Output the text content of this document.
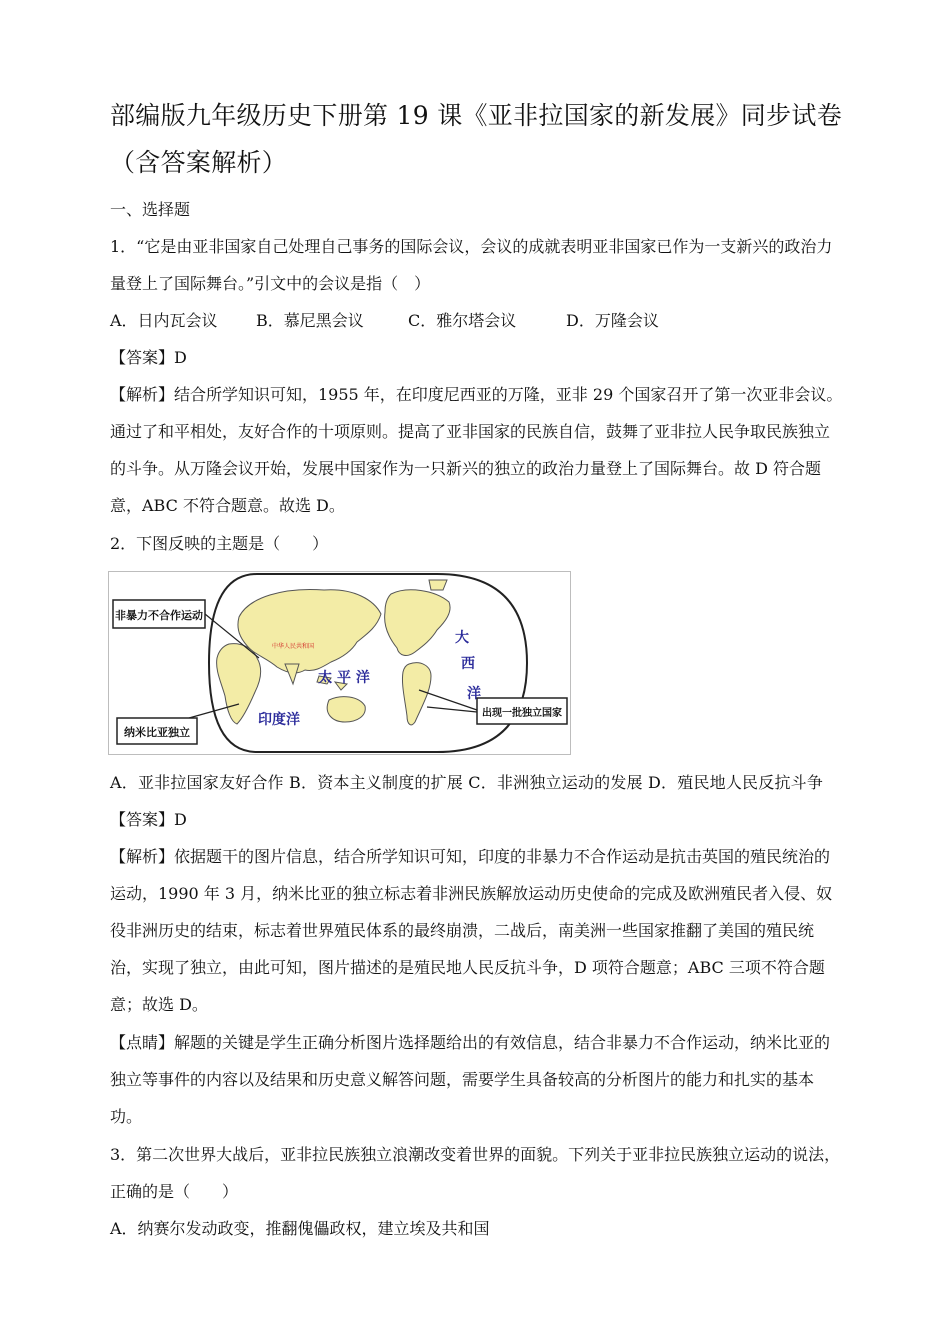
部编版九年级历史下册第 19 课《亚非拉国家的新发展》同步试卷（含答案解析）
一、选择题
1．“它是由亚非国家自己处理自己事务的国际会议，会议的成就表明亚非国家已作为一支新兴的政治力量登上了国际舞台。”引文中的会议是指（　）
A．日内瓦会议 B．慕尼黑会议	C．雅尔塔会议	D．万隆会议
【答案】D
【解析】结合所学知识可知，1955 年，在印度尼西亚的万隆，亚非 29 个国家召开了第一次亚非会议。通过了和平相处，友好合作的十项原则。提高了亚非国家的民族自信，鼓舞了亚非拉人民争取民族独立的斗争。从万隆会议开始，发展中国家作为一只新兴的独立的政治力量登上了国际舞台。故 D 符合题意，ABC 不符合题意。故选 D。
2．下图反映的主题是（　　）
非暴力不合作运动
纳米比亚独立
出现一批独立国家
中华人民共和国
太 平 洋
印度洋
大 西 洋
A．亚非拉国家友好合作 B．资本主义制度的扩展 C．非洲独立运动的发展 D．殖民地人民反抗斗争
【答案】D
【解析】依据题干的图片信息，结合所学知识可知，印度的非暴力不合作运动是抗击英国的殖民统治的运动，1990 年 3 月，纳米比亚的独立标志着非洲民族解放运动历史使命的完成及欧洲殖民者入侵、奴役非洲历史的结束，标志着世界殖民体系的最终崩溃，二战后，南美洲一些国家推翻了美国的殖民统治，实现了独立，由此可知，图片描述的是殖民地人民反抗斗争，D 项符合题意；ABC 三项不符合题意；故选 D。
【点睛】解题的关键是学生正确分析图片选择题给出的有效信息，结合非暴力不合作运动，纳米比亚的独立等事件的内容以及结果和历史意义解答问题，需要学生具备较高的分析图片的能力和扎实的基本功。
3．第二次世界大战后，亚非拉民族独立浪潮改变着世界的面貌。下列关于亚非拉民族独立运动的说法，正确的是（　　）
A．纳赛尔发动政变，推翻傀儡政权，建立埃及共和国
